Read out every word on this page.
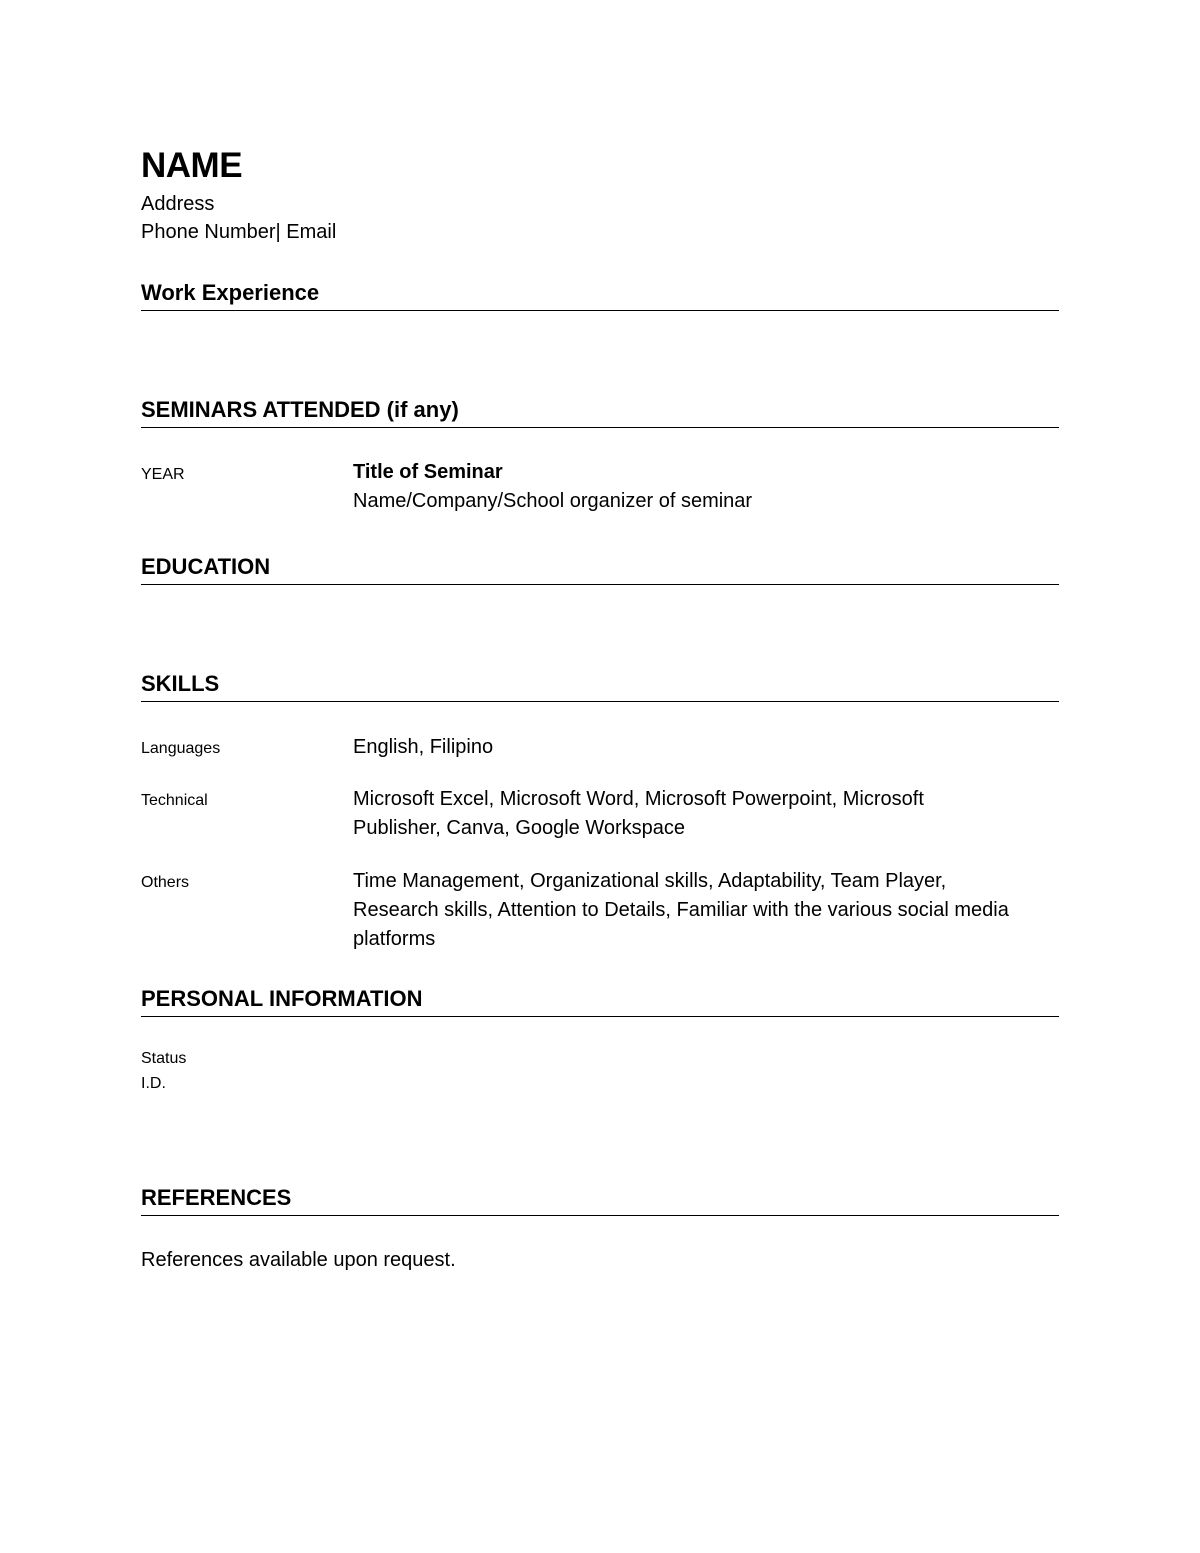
NAME
Address
Phone Number| Email
Work Experience
SEMINARS ATTENDED (if any)
YEAR	Title of Seminar
Name/Company/School organizer of seminar
EDUCATION
SKILLS
Languages	English, Filipino
Technical	Microsoft Excel, Microsoft Word, Microsoft Powerpoint, Microsoft Publisher, Canva, Google Workspace
Others	Time Management, Organizational skills, Adaptability, Team Player, Research skills, Attention to Details, Familiar with the various social media platforms
PERSONAL INFORMATION
Status
I.D.
REFERENCES
References available upon request.
